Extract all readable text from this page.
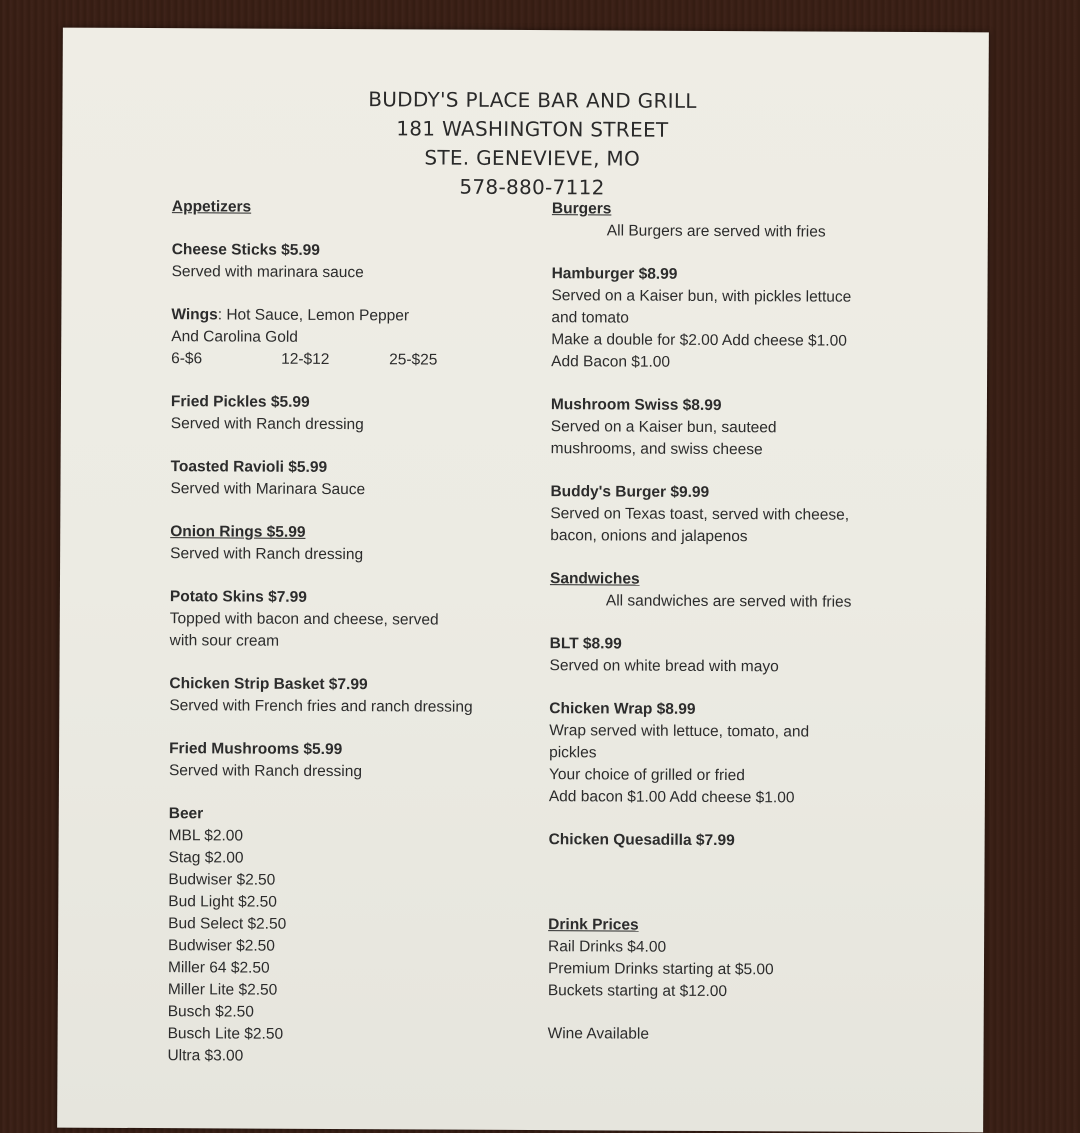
BUDDY'S PLACE BAR AND GRILL
181 WASHINGTON STREET
STE. GENEVIEVE, MO
578-880-7112
Appetizers
Cheese Sticks $5.99
Served with marinara sauce
Wings: Hot Sauce, Lemon Pepper
And Carolina Gold
6-$6	12-$12	25-$25
Fried Pickles $5.99
Served with Ranch dressing
Toasted Ravioli $5.99
Served with Marinara Sauce
Onion Rings $5.99
Served with Ranch dressing
Potato Skins $7.99
Topped with bacon and cheese, served
with sour cream
Chicken Strip Basket $7.99
Served with French fries and ranch dressing
Fried Mushrooms $5.99
Served with Ranch dressing
Beer
MBL $2.00
Stag $2.00
Budwiser $2.50
Bud Light $2.50
Bud Select $2.50
Budwiser $2.50
Miller 64 $2.50
Miller Lite $2.50
Busch $2.50
Busch Lite $2.50
Ultra $3.00
Burgers
All Burgers are served with fries
Hamburger $8.99
Served on a Kaiser bun, with pickles lettuce
and tomato
Make a double for $2.00 Add cheese $1.00
Add Bacon $1.00
Mushroom Swiss $8.99
Served on a Kaiser bun, sauteed
mushrooms, and swiss cheese
Buddy's Burger $9.99
Served on Texas toast, served with cheese,
bacon, onions and jalapenos
Sandwiches
All sandwiches are served with fries
BLT $8.99
Served on white bread with mayo
Chicken Wrap $8.99
Wrap served with lettuce, tomato, and
pickles
Your choice of grilled or fried
Add bacon $1.00 Add cheese $1.00
Chicken Quesadilla $7.99
Drink Prices
Rail Drinks $4.00
Premium Drinks starting at $5.00
Buckets starting at $12.00
Wine Available
